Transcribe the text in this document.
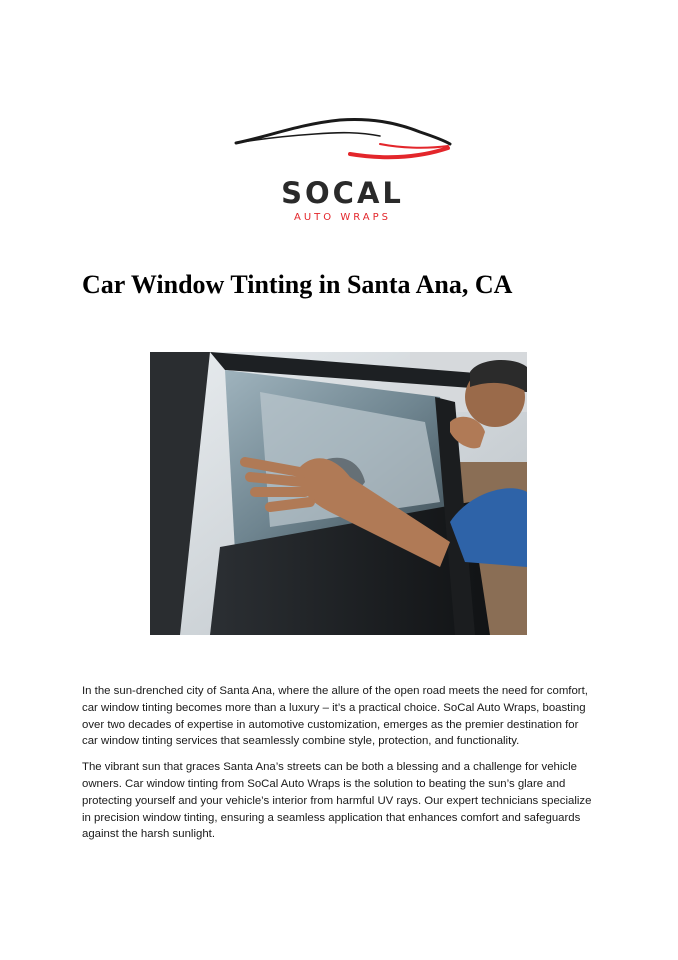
SOCAL
AUTO WRAPS
Car Window Tinting in Santa Ana, CA

In the sun-drenched city of Santa Ana, where the allure of the open road meets the need for comfort, car window tinting becomes more than a luxury – it’s a practical choice. SoCal Auto Wraps, boasting over two decades of expertise in automotive customization, emerges as the premier destination for car window tinting services that seamlessly combine style, protection, and functionality.

The vibrant sun that graces Santa Ana’s streets can be both a blessing and a challenge for vehicle owners. Car window tinting from SoCal Auto Wraps is the solution to beating the sun’s glare and protecting yourself and your vehicle’s interior from harmful UV rays. Our expert technicians specialize in precision window tinting, ensuring a seamless application that enhances comfort and safeguards against the harsh sunlight.
